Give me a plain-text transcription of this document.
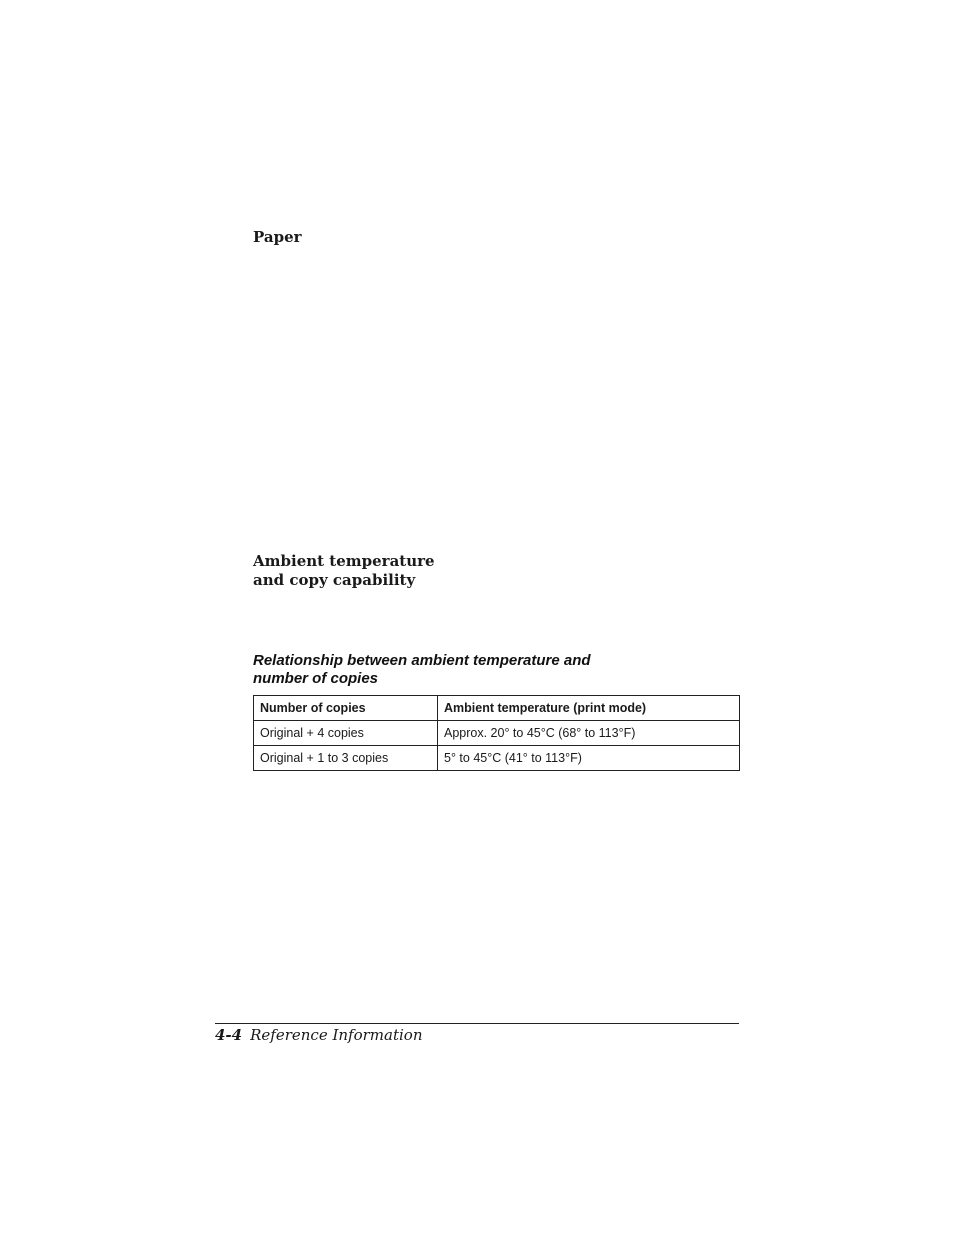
Paper
Ambient temperature
and copy capability

Relationship between ambient temperature and
number of copies

Number of copies	Ambient temperature (print mode)
Original + 4 copies	Approx. 20° to 45°C (68° to 113°F)
Original + 1 to 3 copies	5° to 45°C (41° to 113°F)

4-4 Reference Information
